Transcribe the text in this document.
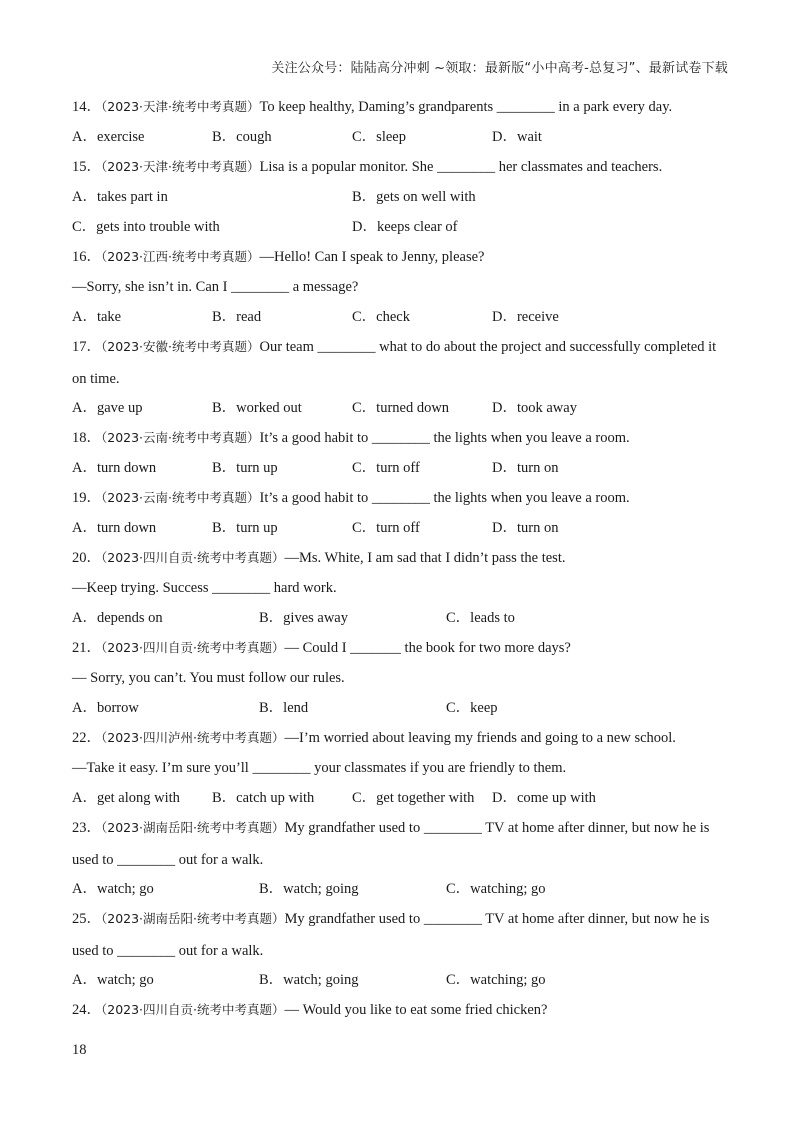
关注公众号：陆陆高分冲刺 ~领取：最新版“小中高考-总复习”、最新试卷下载
14．（2023·天津·统考中考真题）To keep healthy, Daming’s grandparents ________ in a park every day.
A．exercise	B．cough	C．sleep	D．wait
15．（2023·天津·统考中考真题）Lisa is a popular monitor. She ________ her classmates and teachers.
A．takes part in	B．gets on well with
C．gets into trouble with	D．keeps clear of
16．（2023·江西·统考中考真题）—Hello! Can I speak to Jenny, please?
—Sorry, she isn’t in. Can I ________ a message?
A．take	B．read	C．check	D．receive
17．（2023·安徽·统考中考真题）Our team ________ what to do about the project and successfully completed it on time.
A．gave up	B．worked out	C．turned down	D．took away
18．（2023·云南·统考中考真题）It’s a good habit to ________ the lights when you leave a room.
A．turn down	B．turn up	C．turn off	D．turn on
19．（2023·云南·统考中考真题）It’s a good habit to ________ the lights when you leave a room.
A．turn down	B．turn up	C．turn off	D．turn on
20．（2023·四川自贡·统考中考真题）—Ms. White, I am sad that I didn’t pass the test.
—Keep trying. Success ________ hard work.
A．depends on	B．gives away	C．leads to
21．（2023·四川自贡·统考中考真题）— Could I _______ the book for two more days?
— Sorry, you can’t. You must follow our rules.
A．borrow	B．lend	C．keep
22．（2023·四川泸州·统考中考真题）—I’m worried about leaving my friends and going to a new school.
—Take it easy. I’m sure you’ll ________ your classmates if you are friendly to them.
A．get along with	B．catch up with	C．get together with	D．come up with
23．（2023·湖南岳阳·统考中考真题）My grandfather used to ________ TV at home after dinner, but now he is used to ________ out for a walk.
A．watch; go	B．watch; going	C．watching; go
25．（2023·湖南岳阳·统考中考真题）My grandfather used to ________ TV at home after dinner, but now he is used to ________ out for a walk.
A．watch; go	B．watch; going	C．watching; go
24．（2023·四川自贡·统考中考真题）— Would you like to eat some fried chicken?
18
